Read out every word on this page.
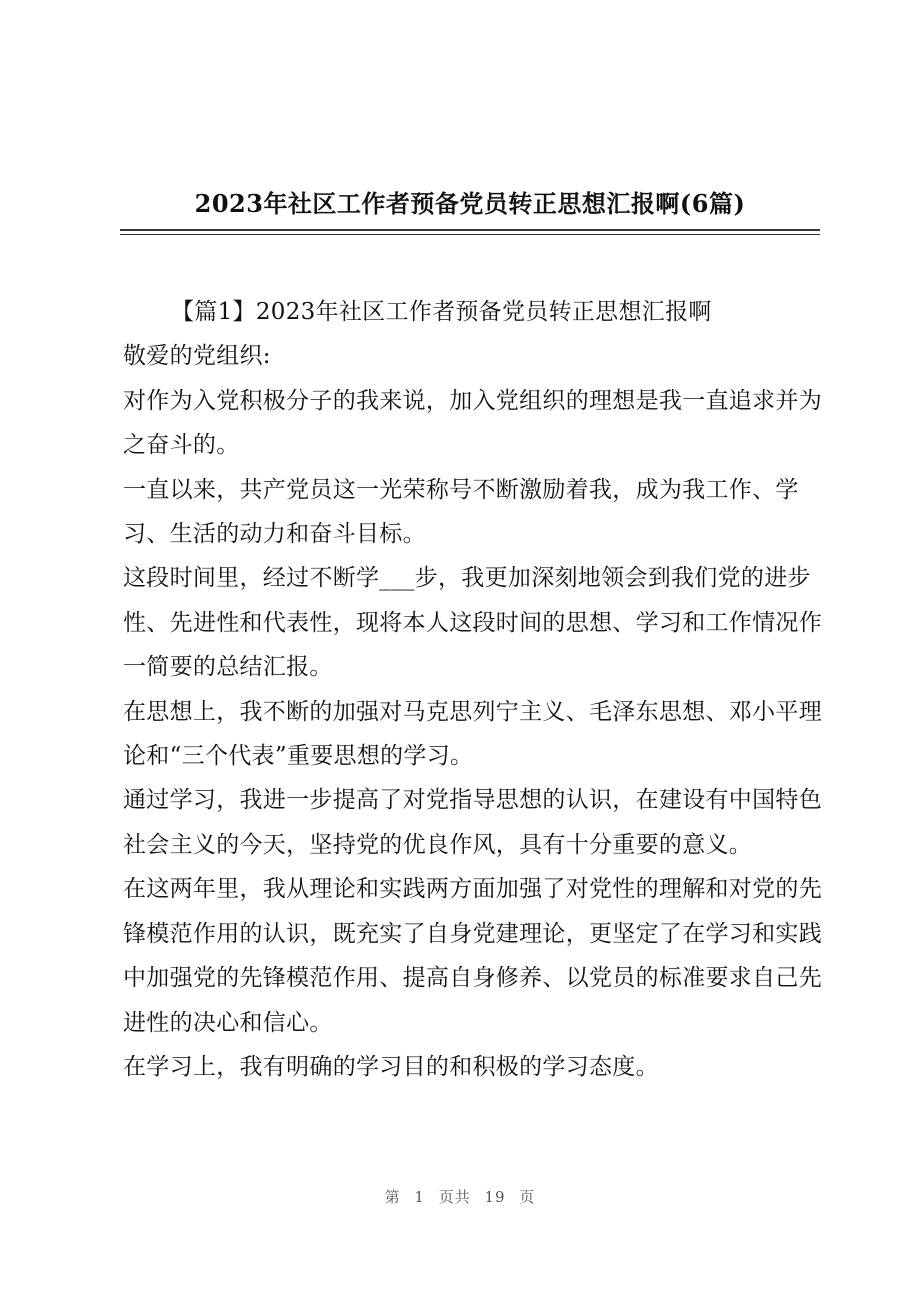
2023年社区工作者预备党员转正思想汇报啊(6篇)

【篇1】2023年社区工作者预备党员转正思想汇报啊

敬爱的党组织:

对作为入党积极分子的我来说，加入党组织的理想是我一直追求并为之奋斗的。

一直以来，共产党员这一光荣称号不断激励着我，成为我工作、学习、生活的动力和奋斗目标。

这段时间里，经过不断学___步，我更加深刻地领会到我们党的进步性、先进性和代表性，现将本人这段时间的思想、学习和工作情况作一简要的总结汇报。

在思想上，我不断的加强对马克思列宁主义、毛泽东思想、邓小平理论和“三个代表”重要思想的学习。

通过学习，我进一步提高了对党指导思想的认识，在建设有中国特色社会主义的今天，坚持党的优良作风，具有十分重要的意义。

在这两年里，我从理论和实践两方面加强了对党性的理解和对党的先锋模范作用的认识，既充实了自身党建理论，更坚定了在学习和实践中加强党的先锋模范作用、提高自身修养、以党员的标准要求自己先进性的决心和信心。

在学习上，我有明确的学习目的和积极的学习态度。

第 1 页共 19 页
